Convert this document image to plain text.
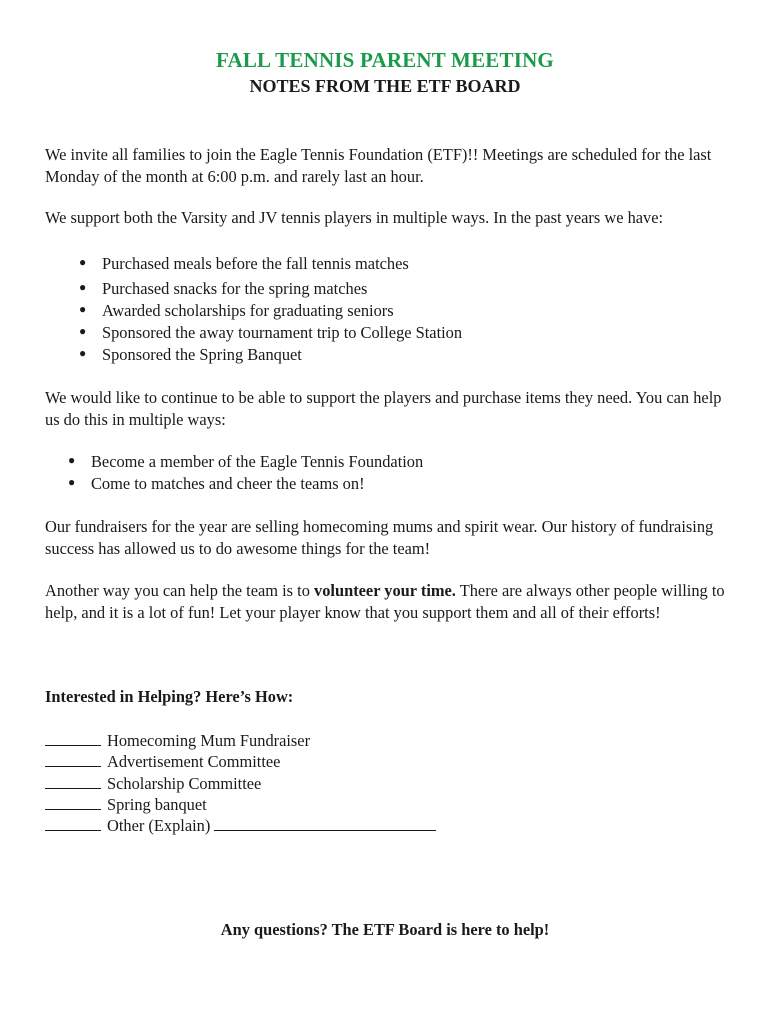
FALL TENNIS PARENT MEETING
NOTES FROM THE ETF BOARD

We invite all families to join the Eagle Tennis Foundation (ETF)!! Meetings are scheduled for the last Monday of the month at 6:00 p.m. and rarely last an hour.

We support both the Varsity and JV tennis players in multiple ways. In the past years we have:

● Purchased meals before the fall tennis matches
● Purchased snacks for the spring matches
● Awarded scholarships for graduating seniors
● Sponsored the away tournament trip to College Station
● Sponsored the Spring Banquet

We would like to continue to be able to support the players and purchase items they need. You can help us do this in multiple ways:

● Become a member of the Eagle Tennis Foundation
● Come to matches and cheer the teams on!

Our fundraisers for the year are selling homecoming mums and spirit wear. Our history of fundraising success has allowed us to do awesome things for the team!

Another way you can help the team is to volunteer your time. There are always other people willing to help, and it is a lot of fun! Let your player know that you support them and all of their efforts!

Interested in Helping? Here’s How:
Homecoming Mum Fundraiser
Advertisement Committee
Scholarship Committee
Spring banquet
Other (Explain)
Any questions? The ETF Board is here to help!
